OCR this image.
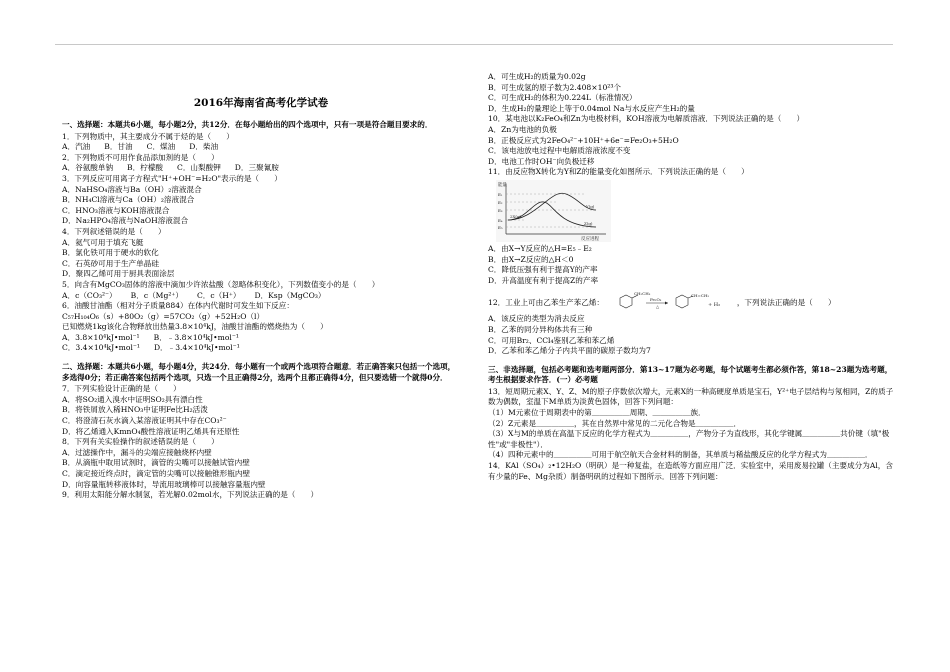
2016年海南省高考化学试卷
一、选择题：本题共6小题，每小题2分，共12分．在每小题给出的四个选项中，只有一项是符合题目要求的．
1．下列物质中，其主要成分不属于烃的是（　　）
A．汽油 B．甘油 C．煤油 D．柴油
2．下列物质不可用作食品添加剂的是（　　）
A．谷氨酸单钠 B．柠檬酸 C．山梨酸钾 D．三聚氰胺
3．下列反应可用离子方程式"H⁺+OH⁻=H₂O"表示的是（　　）
A．NaHSO₄溶液与Ba（OH）₂溶液混合
B．NH₄Cl溶液与Ca（OH）₂溶液混合
C．HNO₃溶液与KOH溶液混合
D．Na₂HPO₄溶液与NaOH溶液混合
4．下列叙述错误的是（　　）
A．氦气可用于填充飞艇
B．氯化铁可用于硬水的软化
C．石英砂可用于生产单晶硅
D．聚四乙烯可用于厨具表面涂层
5．向含有MgCO₃固体的溶液中滴加少许浓盐酸（忽略体积变化），下列数值变小的是（　　）
A．c（CO₃²⁻） B．c（Mg²⁺） C．c（H⁺） D．Ksp（MgCO₃）
6．油酸甘油酯（相对分子质量884）在体内代谢时可发生如下反应：
C₅₇H₁₀₄O₆（s）+80O₂（g）=57CO₂（g）+52H₂O（l）
已知燃烧1kg该化合物释放出热量3.8×10⁴kJ，油酸甘油酯的燃烧热为（　　）
A．3.8×10⁴kJ•mol⁻¹ B．﹣3.8×10⁴kJ•mol⁻¹
C．3.4×10⁴kJ•mol⁻¹ D．﹣3.4×10⁴kJ•mol⁻¹
二、选择题：本题共6小题，每小题4分，共24分．每小题有一个或两个选项符合题意．若正确答案只包括一个选项，多选得0分；若正确答案包括两个选项，只选一个且正确得2分，选两个且都正确得4分，但只要选错一个就得0分．
7．下列实验设计正确的是（　　）
A．将SO₂通入溴水中证明SO₂具有漂白性
B．将铁屑放入稀HNO₃中证明Fe比H₂活泼
C．将澄清石灰水滴入某溶液证明其中存在CO₃²⁻
D．将乙烯通入KmnO₄酸性溶液证明乙烯具有还原性
8．下列有关实验操作的叙述错误的是（　　）
A．过滤操作中，漏斗的尖端应接触烧杯内壁
B．从滴瓶中取用试剂时，滴管的尖嘴可以接触试管内壁
C．滴定接近终点时，滴定管的尖嘴可以接触锥形瓶内壁
D．向容量瓶转移液体时，导流用玻璃棒可以接触容量瓶内壁
9．利用太阳能分解水制氢，若光解0.02mol水，下列说法正确的是（　　）
A．可生成H₂的质量为0.02g
B．可生成氢的原子数为2.408×10²³个
C．可生成H₂的体积为0.224L（标准情况）
D．生成H₂的量理论上等于0.04mol Na与水反应产生H₂的量
10．某电池以K₂FeO₄和Zn为电极材料，KOH溶液为电解质溶液．下列说法正确的是（　　）
A．Zn为电池的负极
B．正极反应式为2FeO₄²⁻+10H⁺+6e⁻=Fe₂O₃+5H₂O
C．该电池放电过程中电解质溶液浓度不变
D．电池工作时OH⁻向负极迁移
11．由反应物X转化为Y和Z的能量变化如图所示．下列说法正确的是（　　）
能量
反应进程
E₁
E₂
E₃
E₄
E₅
Y(g)
2X(g)
Z(g)
A．由X→Y反应的△H=E₅﹣E₂
B．由X→Z反应的△H＜0
C．降低压强有利于提高Y的产率
D．升高温度有利于提高Z的产率
12．工业上可由乙苯生产苯乙烯：
CH₂CH₃
Fe₂O₃
△
CH=CH₂
+ H₂ ，下列说法正确的是（　　）
A．该反应的类型为消去反应
B．乙苯的同分异构体共有三种
C．可用Br₂、CCl₄鉴别乙苯和苯乙烯
D．乙苯和苯乙烯分子内共平面的碳原子数均为7
三、非选择题，包括必考题和选考题两部分．第13~17题为必考题，每个试题考生都必须作答，第18~23题为选考题，考生根据要求作答．(一）必考题
13．短周期元素X、Y、Z、M的原子序数依次增大，元素X的一种高硬度单质是宝石，Y²⁺电子层结构与氖相同，Z的质子数为偶数，室温下M单质为淡黄色固体，回答下列问题：
（1）M元素位于周期表中的第＿＿＿＿＿周期、＿＿＿＿＿族．
（2）Z元素是＿＿＿＿＿，其在自然界中常见的二元化合物是＿＿＿＿＿．
（3）X与M的单质在高温下反应的化学方程式为＿＿＿＿＿，产物分子为直线形，其化学键属＿＿＿＿＿共价键（填"极性"或"非极性"）．
（4）四种元素中的＿＿＿＿＿可用于航空航天合金材料的制备，其单质与稀盐酸反应的化学方程式为＿＿＿＿＿．
14．KAl（SO₄）₂•12H₂O（明矾）是一种复盐，在造纸等方面应用广泛．实验室中，采用废易拉罐（主要成分为Al，含有少量的Fe、Mg杂质）制备明矾的过程如下图所示．回答下列问题：
